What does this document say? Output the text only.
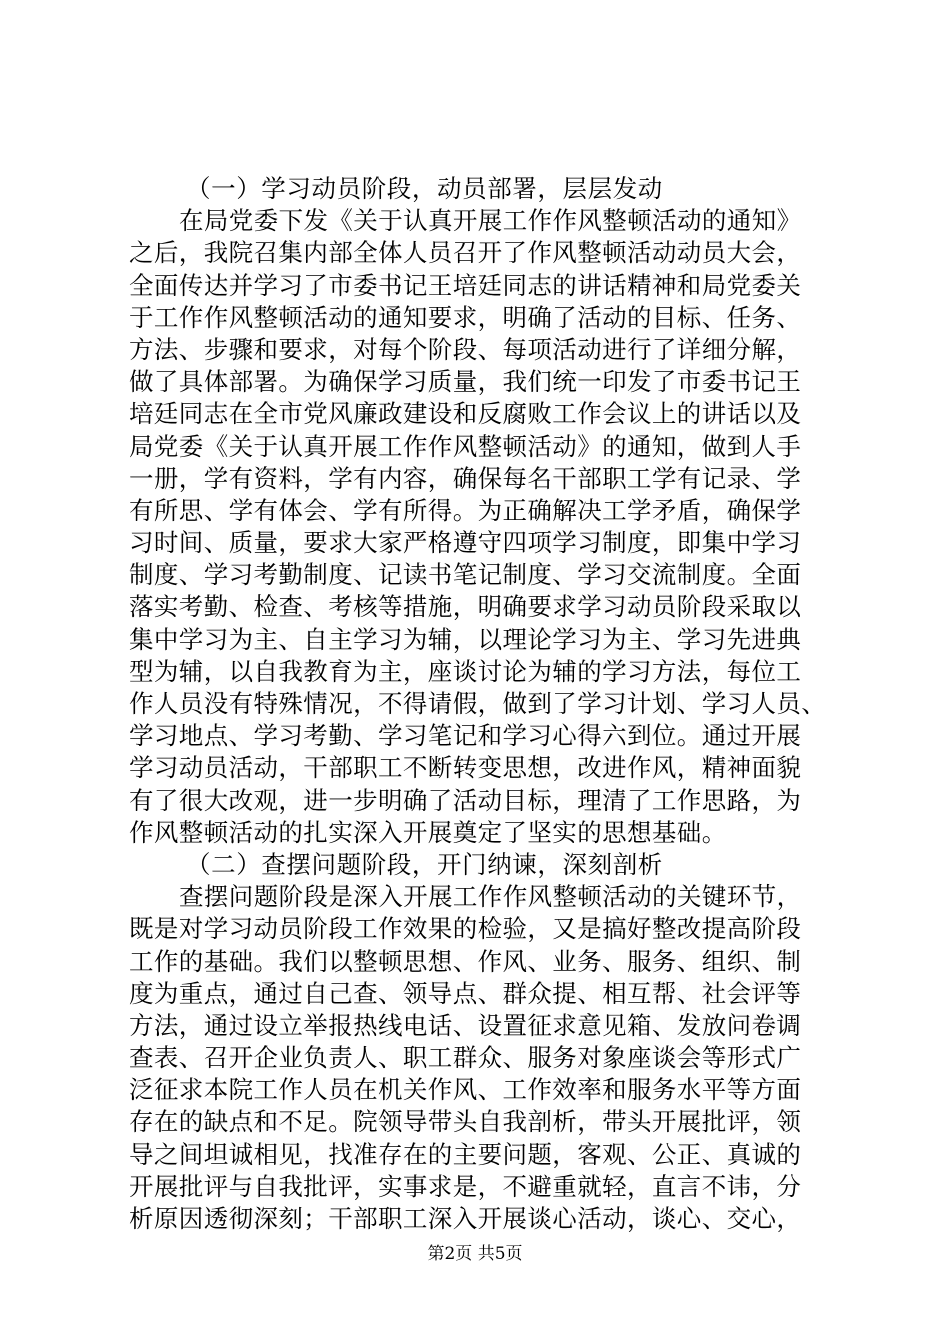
（一）学习动员阶段，动员部署，层层发动
在局党委下发《关于认真开展工作作风整顿活动的通知》
之后，我院召集内部全体人员召开了作风整顿活动动员大会，
全面传达并学习了市委书记王培廷同志的讲话精神和局党委关
于工作作风整顿活动的通知要求，明确了活动的目标、任务、
方法、步骤和要求，对每个阶段、每项活动进行了详细分解，
做了具体部署。为确保学习质量，我们统一印发了市委书记王
培廷同志在全市党风廉政建设和反腐败工作会议上的讲话以及
局党委《关于认真开展工作作风整顿活动》的通知，做到人手
一册，学有资料，学有内容，确保每名干部职工学有记录、学
有所思、学有体会、学有所得。为正确解决工学矛盾，确保学
习时间、质量，要求大家严格遵守四项学习制度，即集中学习
制度、学习考勤制度、记读书笔记制度、学习交流制度。全面
落实考勤、检查、考核等措施，明确要求学习动员阶段采取以
集中学习为主、自主学习为辅，以理论学习为主、学习先进典
型为辅，以自我教育为主，座谈讨论为辅的学习方法，每位工
作人员没有特殊情况，不得请假，做到了学习计划、学习人员、
学习地点、学习考勤、学习笔记和学习心得六到位。通过开展
学习动员活动，干部职工不断转变思想，改进作风，精神面貌
有了很大改观，进一步明确了活动目标，理清了工作思路，为
作风整顿活动的扎实深入开展奠定了坚实的思想基础。
（二）查摆问题阶段，开门纳谏，深刻剖析
查摆问题阶段是深入开展工作作风整顿活动的关键环节，
既是对学习动员阶段工作效果的检验，又是搞好整改提高阶段
工作的基础。我们以整顿思想、作风、业务、服务、组织、制
度为重点，通过自己查、领导点、群众提、相互帮、社会评等
方法，通过设立举报热线电话、设置征求意见箱、发放问卷调
查表、召开企业负责人、职工群众、服务对象座谈会等形式广
泛征求本院工作人员在机关作风、工作效率和服务水平等方面
存在的缺点和不足。院领导带头自我剖析，带头开展批评，领
导之间坦诚相见，找准存在的主要问题，客观、公正、真诚的
开展批评与自我批评，实事求是，不避重就轻，直言不讳，分
析原因透彻深刻；干部职工深入开展谈心活动，谈心、交心，
第2页 共5页
